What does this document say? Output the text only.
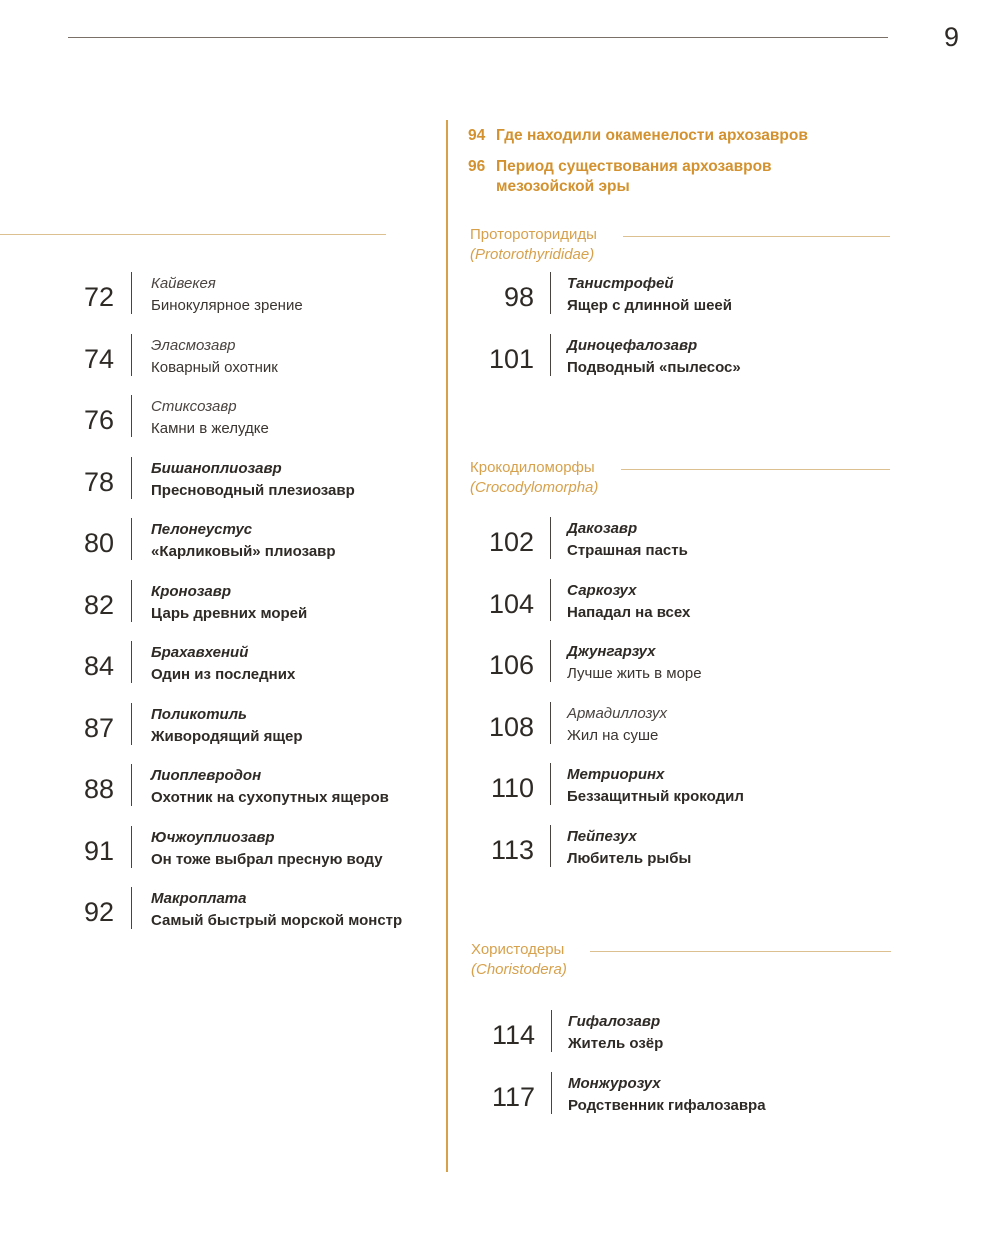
9
94 Где находили окаменелости архозавров
96 Период существования архозавров мезозойской эры
72 Кайвекея
Бинокулярное зрение
74 Эласмозавр
Коварный охотник
76 Стиксозавр
Камни в желудке
78 Бишаноплиозавр
Пресноводный плезиозавр
80 Пелонеустус
«Карликовый» плиозавр
82 Кронозавр
Царь древних морей
84 Брахавхений
Один из последних
87 Поликотиль
Живородящий ящер
88 Лиоплевродон
Охотник на сухопутных ящеров
91 Ючжоуплиозавр
Он тоже выбрал пресную воду
92 Макроплата
Самый быстрый морской монстр
Протороторидиды
(Protorothyrididae)
98 Танистрофей
Ящер с длинной шеей
101 Диноцефалозавр
Подводный «пылесос»
Крокодиломорфы
(Crocodylomorpha)
102 Дакозавр
Страшная пасть
104 Саркозух
Нападал на всех
106 Джунгарзух
Лучше жить в море
108 Армадиллозух
Жил на суше
110 Метриоринх
Беззащитный крокодил
113 Пейпезух
Любитель рыбы
Хористодеры
(Choristodera)
114 Гифалозавр
Житель озёр
117 Монжурозух
Родственник гифалозавра
